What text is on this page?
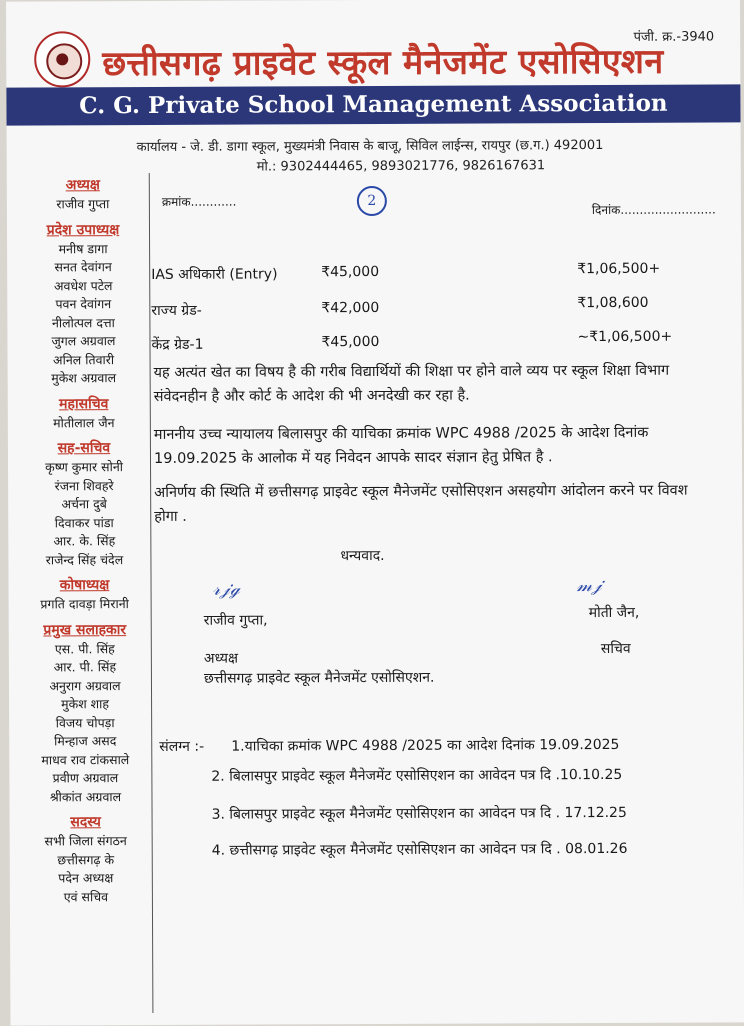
पंजी. क्र.-3940
छत्तीसगढ़ प्राइवेट स्कूल मैनेजमेंट एसोसिएशन
C. G. Private School Management Association
कार्यालय - जे. डी. डागा स्कूल, मुख्यमंत्री निवास के बाजू, सिविल लाईन्स, रायपुर (छ.ग.) 492001
मो.: 9302444465, 9893021776, 9826167631
अध्यक्ष
राजीव गुप्ता
प्रदेश उपाध्यक्ष
मनीष डागा
सनत देवांगन
अवधेश पटेल
पवन देवांगन
नीलोत्पल दत्ता
जुगल अग्रवाल
अनिल तिवारी
मुकेश अग्रवाल
महासचिव
मोतीलाल जैन
सह-सचिव
कृष्ण कुमार सोनी
रंजना शिवहरे
अर्चना दुबे
दिवाकर पांडा
आर. के. सिंह
राजेन्द सिंह चंदेल
कोषाध्यक्ष
प्रगति दावड़ा मिरानी
प्रमुख सलाहकार
एस. पी. सिंह
आर. पी. सिंह
अनुराग अग्रवाल
मुकेश शाह
विजय चोपड़ा
मिन्हाज असद
माधव राव टांकसाले
प्रवीण अग्रवाल
श्रीकांत अग्रवाल
सदस्य
सभी जिला संगठन
छत्तीसगढ़ के
पदेन अध्यक्ष
एवं सचिव
क्रमांक............	2
दिनांक.........................
IAS अधिकारी (Entry)	₹45,000	₹1,06,500+
राज्य ग्रेड-	₹42,000	₹1,08,600
केंद्र ग्रेड-1	₹45,000	~₹1,06,500+
यह अत्यंत खेत का विषय है की गरीब विद्यार्थियों की शिक्षा पर होने वाले व्यय पर स्कूल शिक्षा विभाग संवेदनहीन है और कोर्ट के आदेश की भी अनदेखी कर रहा है.
माननीय उच्च न्यायालय बिलासपुर की याचिका क्रमांक WPC 4988 /2025 के आदेश दिनांक 19.09.2025 के आलोक में यह निवेदन आपके सादर संज्ञान हेतु प्रेषित है .
अनिर्णय की स्थिति में छत्तीसगढ़ प्राइवेट स्कूल मैनेजमेंट एसोसिएशन असहयोग आंदोलन करने पर विवश होगा .
धन्यवाद.
𝓇𝒿ℊ
राजीव गुप्ता,
अध्यक्ष
छत्तीसगढ़ प्राइवेट स्कूल मैनेजमेंट एसोसिएशन.
𝓂𝒿
मोती जैन,
सचिव
संलग्न :- 1.याचिका क्रमांक WPC 4988 /2025 का आदेश दिनांक 19.09.2025
2. बिलासपुर प्राइवेट स्कूल मैनेजमेंट एसोसिएशन का आवेदन पत्र दि .10.10.25
3. बिलासपुर प्राइवेट स्कूल मैनेजमेंट एसोसिएशन का आवेदन पत्र दि . 17.12.25
4. छत्तीसगढ़ प्राइवेट स्कूल मैनेजमेंट एसोसिएशन का आवेदन पत्र दि . 08.01.26
